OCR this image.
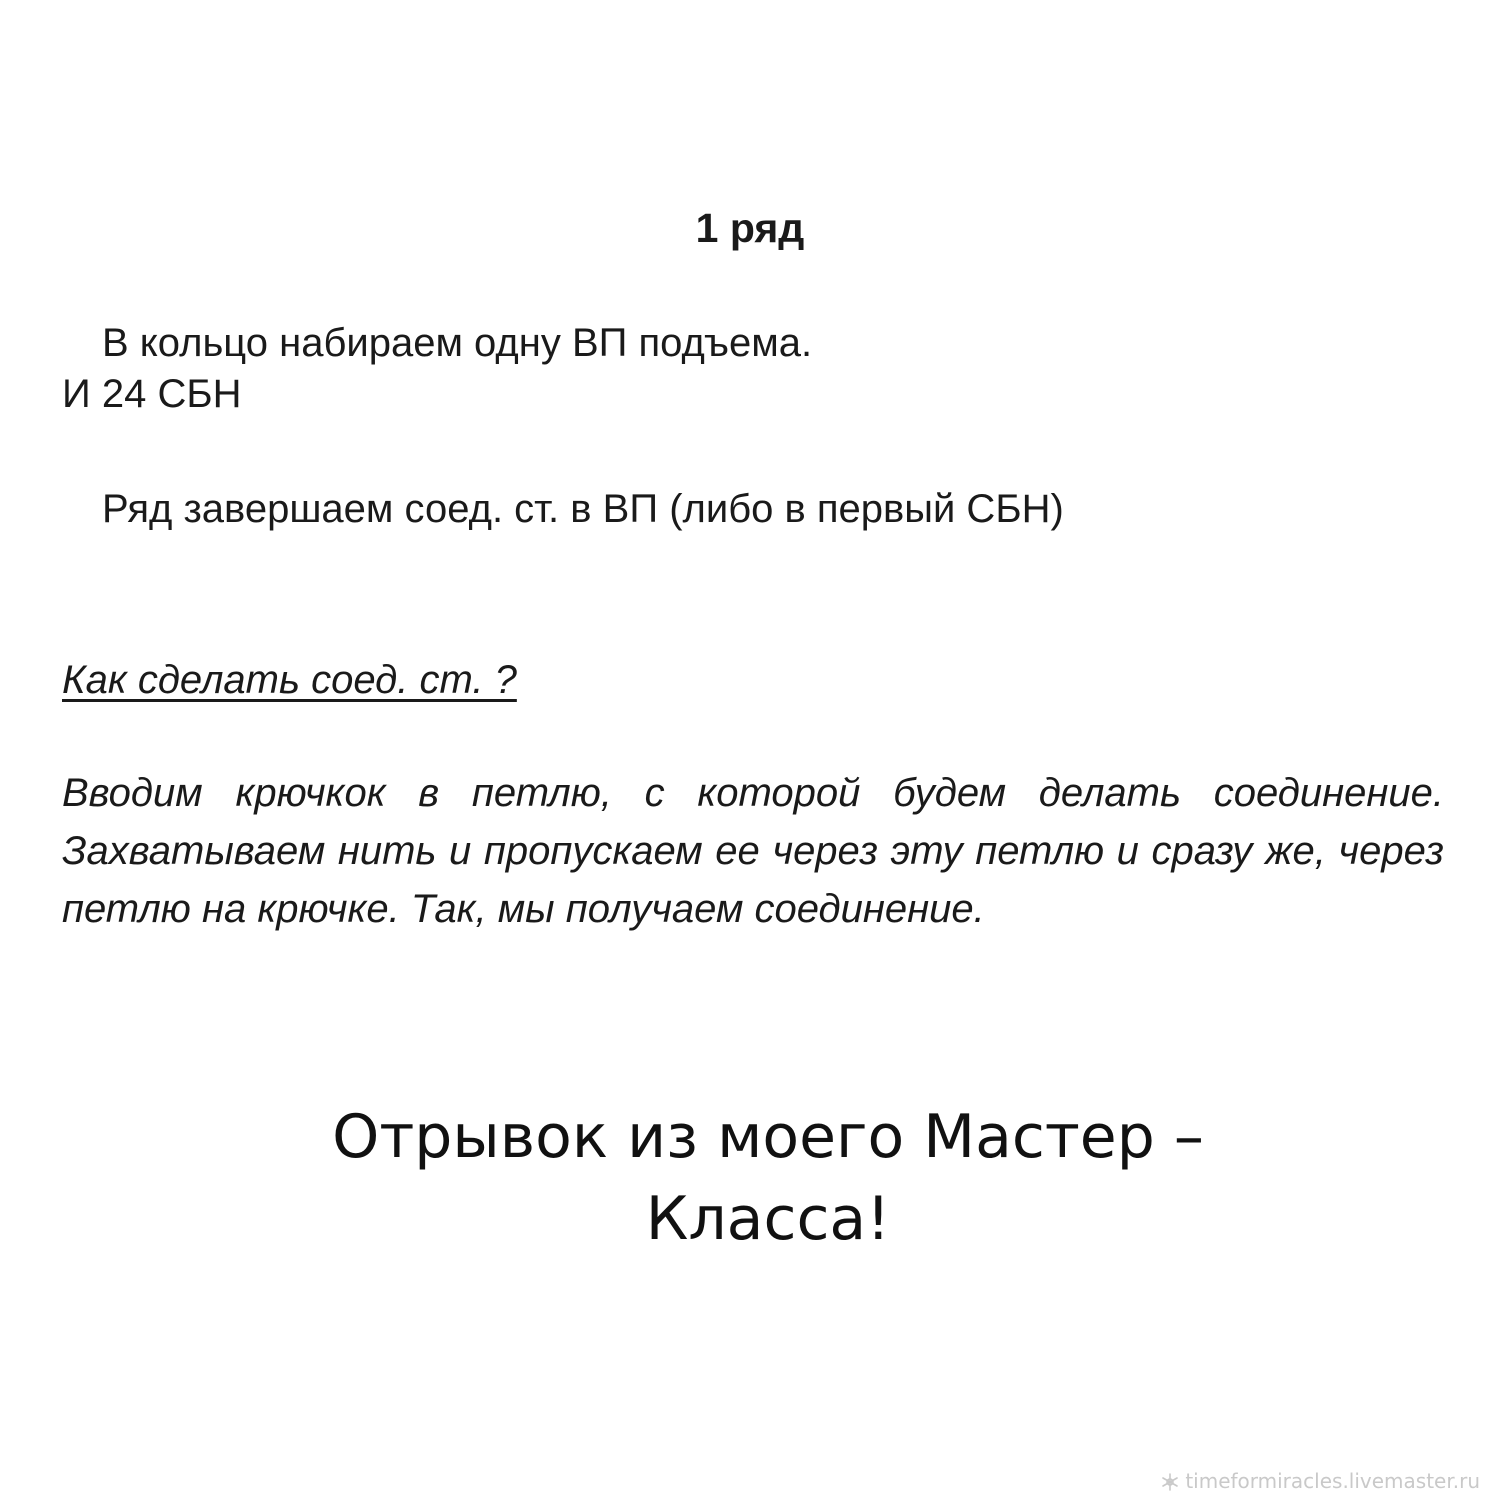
1 ряд
В кольцо набираем одну ВП подъема.
И 24 СБН
Ряд завершаем соед. ст. в ВП (либо в первый СБН)
Как сделать соед. ст. ?
Вводим крючкок в петлю, с которой будем делать соединение. Захватываем нить и пропускаем ее через эту петлю и сразу же, через петлю на крючке. Так, мы получаем соединение.
Отрывок из моего Мастер –
Класса!
timeformiracles.livemaster.ru
